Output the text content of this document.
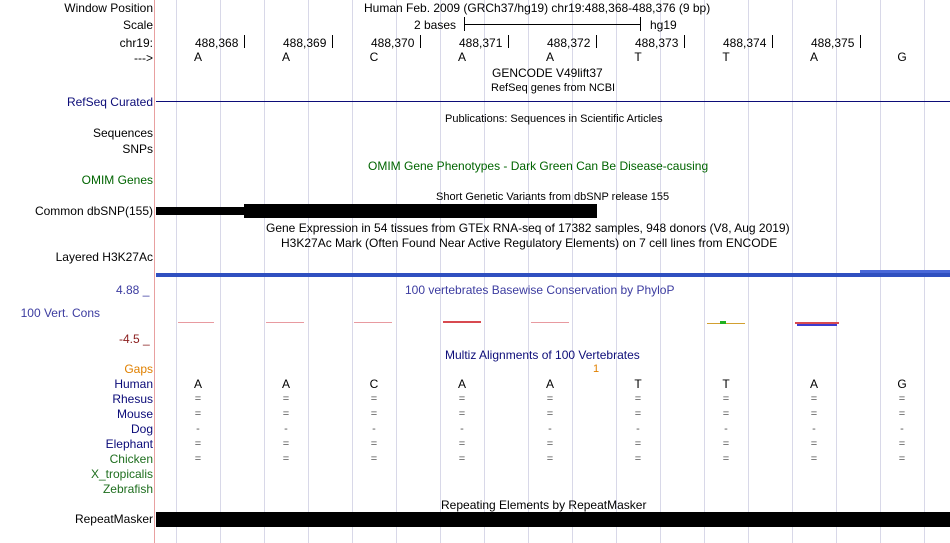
Window Position	Human Feb. 2009 (GRCh37/hg19) chr19:488,368-488,376 (9 bp)
Scale	2 bases	hg19
chr19:	488,368	488,369	488,370	488,371	488,372	488,373	488,374	488,375
--->	A	A	C	A	A	T	T	A	G
GENCODE V49lift37
RefSeq genes from NCBI
RefSeq Curated
Publications: Sequences in Scientific Articles
Sequences
SNPs
OMIM Gene Phenotypes - Dark Green Can Be Disease-causing
OMIM Genes
Short Genetic Variants from dbSNP release 155
Common dbSNP(155)
Gene Expression in 54 tissues from GTEx RNA-seq of 17382 samples, 948 donors (V8, Aug 2019)
H3K27Ac Mark (Often Found Near Active Regulatory Elements) on 7 cell lines from ENCODE
Layered H3K27Ac
4.88 _	100 vertebrates Basewise Conservation by PhyloP
100 Vert. Cons
-4.5 _
Multiz Alignments of 100 Vertebrates
Gaps	1
Human	A	A	C	A	A	T	T	A	G
Rhesus	=	=	=	=	=	=	=	=	=
Mouse	=	=	=	=	=	=	=	=	=
Dog	-	-	-	-	-	-	-	-	-
Elephant	=	=	=	=	=	=	=	=	=
Chicken	=	=	=	=	=	=	=	=	=
X_tropicalis
Zebrafish
Repeating Elements by RepeatMasker
RepeatMasker
